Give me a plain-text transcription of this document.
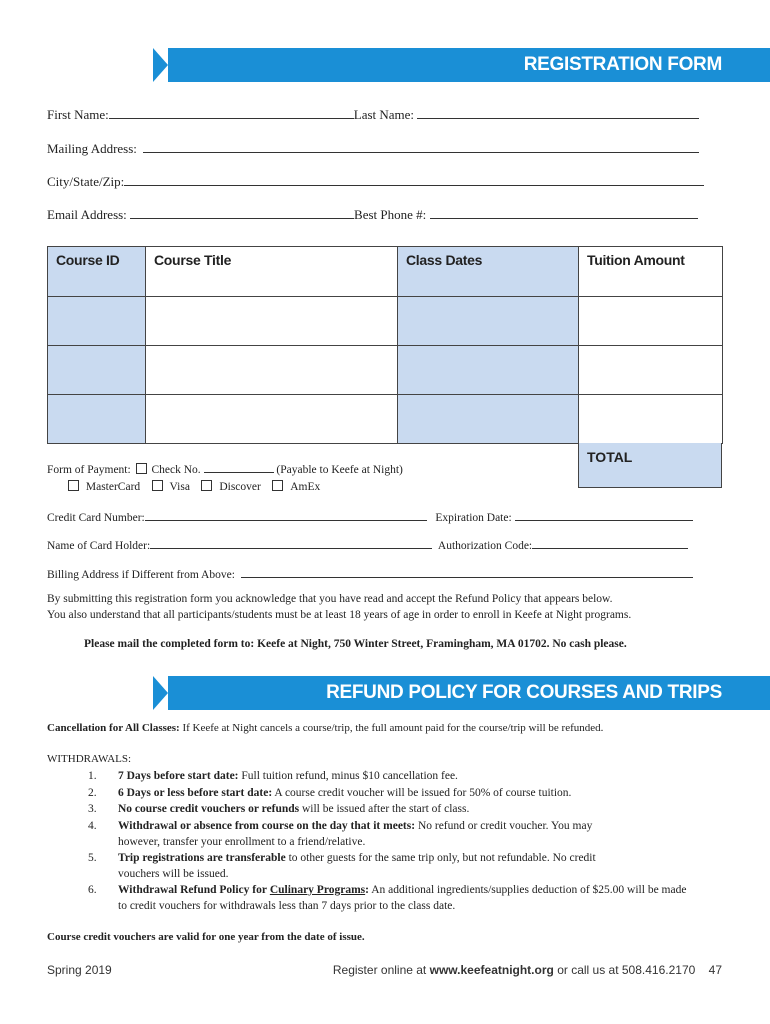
REGISTRATION FORM
First Name:	Last Name:
Mailing Address:
City/State/Zip:
Email Address:	Best Phone #:
Course ID	Course Title	Class Dates	Tuition Amount

TOTAL
Form of Payment: Check No.	(Payable to Keefe at Night)
MasterCard	Visa	Discover	AmEx
Credit Card Number:	Expiration Date:
Name of Card Holder:	Authorization Code:
Billing Address if Different from Above:
By submitting this registration form you acknowledge that you have read and accept the Refund Policy that appears below.
You also understand that all participants/students must be at least 18 years of age in order to enroll in Keefe at Night programs.
Please mail the completed form to: Keefe at Night, 750 Winter Street, Framingham, MA 01702. No cash please.
REFUND POLICY FOR COURSES AND TRIPS
Cancellation for All Classes: If Keefe at Night cancels a course/trip, the full amount paid for the course/trip will be refunded.
WITHDRAWALS:
1. 7 Days before start date: Full tuition refund, minus $10 cancellation fee.
2. 6 Days or less before start date: A course credit voucher will be issued for 50% of course tuition.
3. No course credit vouchers or refunds will be issued after the start of class.
4. Withdrawal or absence from course on the day that it meets: No refund or credit voucher. You may
however, transfer your enrollment to a friend/relative.
5. Trip registrations are transferable to other guests for the same trip only, but not refundable. No credit
vouchers will be issued.
6. Withdrawal Refund Policy for Culinary Programs: An additional ingredients/supplies deduction of $25.00 will be made
to credit vouchers for withdrawals less than 7 days prior to the class date.
Course credit vouchers are valid for one year from the date of issue.
Spring 2019	Register online at www.keefeatnight.org or call us at 508.416.2170 47
